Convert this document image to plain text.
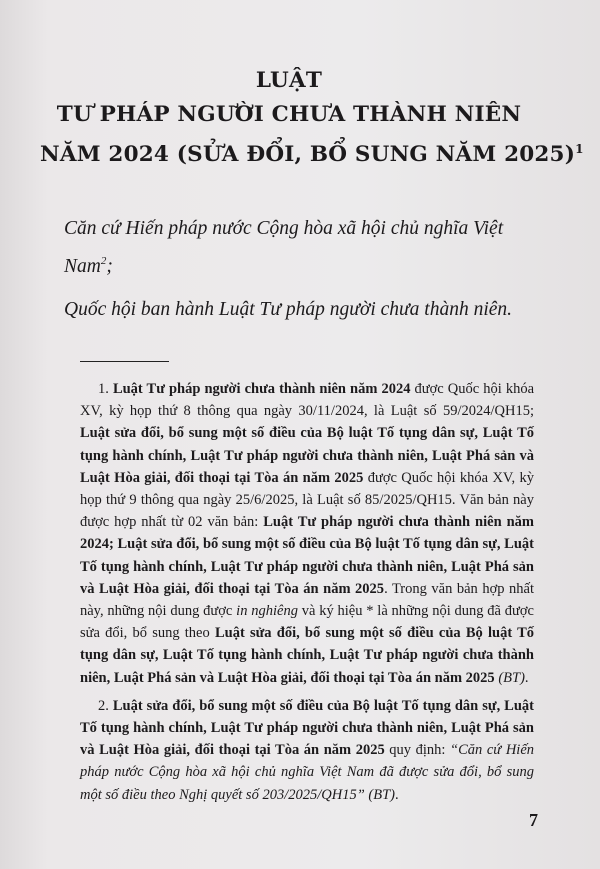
LUẬT
TƯ PHÁP NGƯỜI CHƯA THÀNH NIÊN
NĂM 2024 (SỬA ĐỔI, BỔ SUNG NĂM 2025)$^1$

Căn cứ Hiến pháp nước Cộng hòa xã hội chủ nghĩa Việt Nam$^2$;

Quốc hội ban hành Luật Tư pháp người chưa thành niên.

1. Luật Tư pháp người chưa thành niên năm 2024 được Quốc hội khóa XV, kỳ họp thứ 8 thông qua ngày 30/11/2024, là Luật số 59/2024/QH15; Luật sửa đổi, bổ sung một số điều của Bộ luật Tố tụng dân sự, Luật Tố tụng hành chính, Luật Tư pháp người chưa thành niên, Luật Phá sản và Luật Hòa giải, đối thoại tại Tòa án năm 2025 được Quốc hội khóa XV, kỳ họp thứ 9 thông qua ngày 25/6/2025, là Luật số 85/2025/QH15. Văn bản này được hợp nhất từ 02 văn bản: Luật Tư pháp người chưa thành niên năm 2024; Luật sửa đổi, bổ sung một số điều của Bộ luật Tố tụng dân sự, Luật Tố tụng hành chính, Luật Tư pháp người chưa thành niên, Luật Phá sản và Luật Hòa giải, đối thoại tại Tòa án năm 2025. Trong văn bản hợp nhất này, những nội dung được in nghiêng và ký hiệu * là những nội dung đã được sửa đổi, bổ sung theo Luật sửa đổi, bổ sung một số điều của Bộ luật Tố tụng dân sự, Luật Tố tụng hành chính, Luật Tư pháp người chưa thành niên, Luật Phá sản và Luật Hòa giải, đối thoại tại Tòa án năm 2025 (BT).

2. Luật sửa đổi, bổ sung một số điều của Bộ luật Tố tụng dân sự, Luật Tố tụng hành chính, Luật Tư pháp người chưa thành niên, Luật Phá sản và Luật Hòa giải, đối thoại tại Tòa án năm 2025 quy định: “Căn cứ Hiến pháp nước Cộng hòa xã hội chủ nghĩa Việt Nam đã được sửa đổi, bổ sung một số điều theo Nghị quyết số 203/2025/QH15” (BT).

7
